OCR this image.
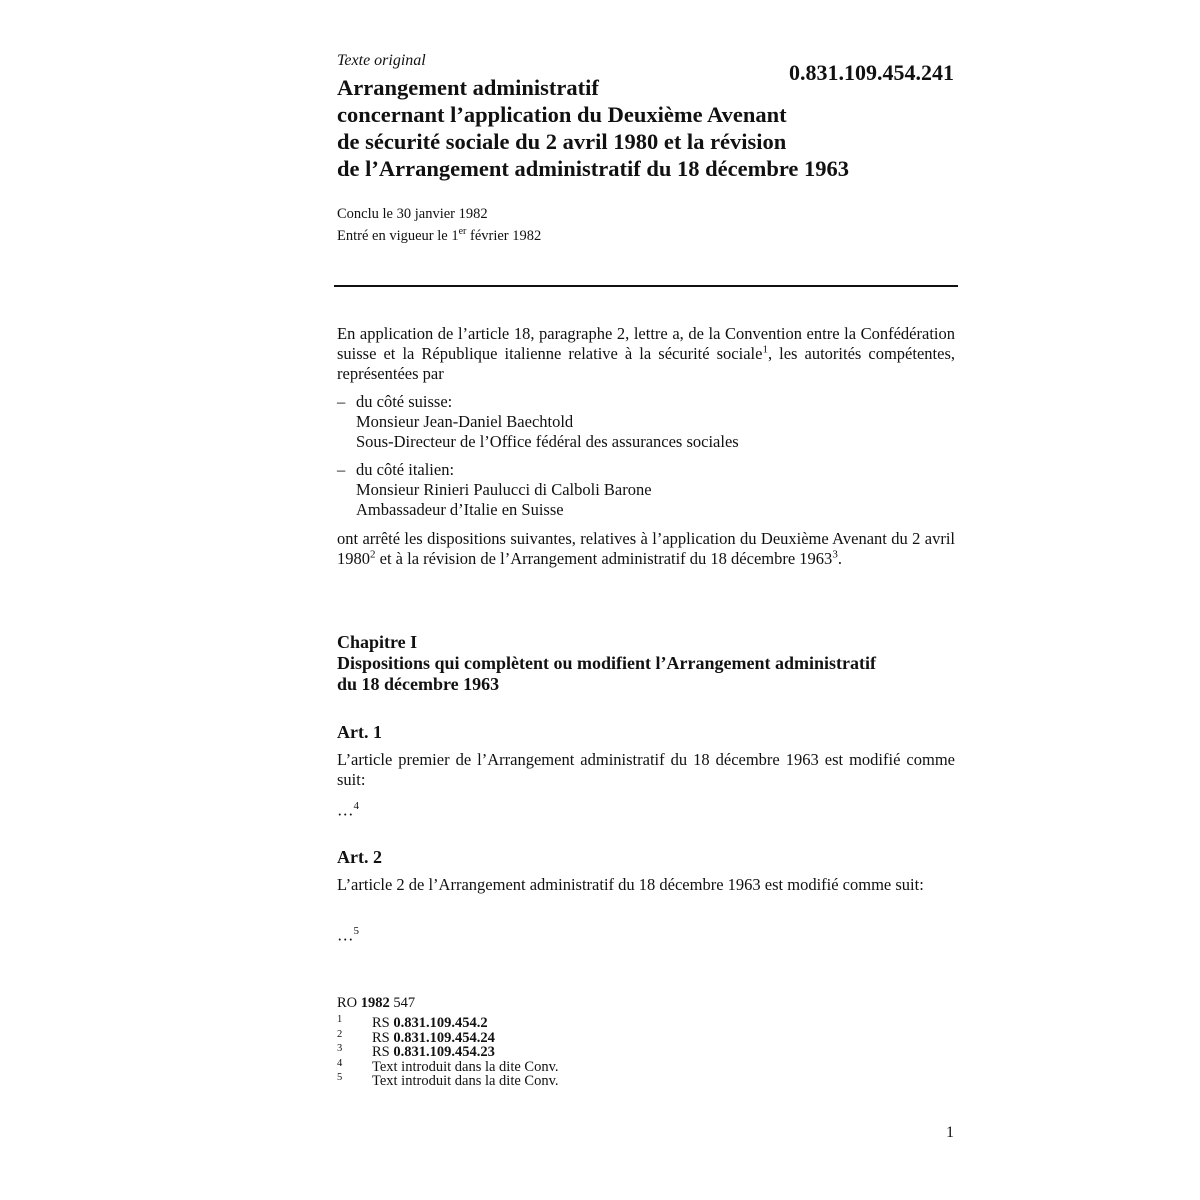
Texte original	0.831.109.454.241
Arrangement administratif
concernant l’application du Deuxième Avenant
de sécurité sociale du 2 avril 1980 et la révision
de l’Arrangement administratif du 18 décembre 1963
Conclu le 30 janvier 1982
Entré en vigueur le 1er février 1982
En application de l’article 18, paragraphe 2, lettre a, de la Convention entre la Confédération suisse et la République italienne relative à la sécurité sociale$^1$, les autorités compétentes, représentées par
– du côté suisse:
Monsieur Jean-Daniel Baechtold
Sous-Directeur de l’Office fédéral des assurances sociales
– du côté italien:
Monsieur Rinieri Paulucci di Calboli Barone
Ambassadeur d’Italie en Suisse
ont arrêté les dispositions suivantes, relatives à l’application du Deuxième Avenant du 2 avril 1980$^2$ et à la révision de l’Arrangement administratif du 18 décembre 1963$^3$.
Chapitre I
Dispositions qui complètent ou modifient l’Arrangement administratif
du 18 décembre 1963
Art. 1
L’article premier de l’Arrangement administratif du 18 décembre 1963 est modifié comme suit:
…$^4$
Art. 2
L’article 2 de l’Arrangement administratif du 18 décembre 1963 est modifié comme suit:
…$^5$
RO 1982 547
1 RS 0.831.109.454.2
2 RS 0.831.109.454.24
3 RS 0.831.109.454.23
4 Text introduit dans la dite Conv.
5 Text introduit dans la dite Conv.
1
